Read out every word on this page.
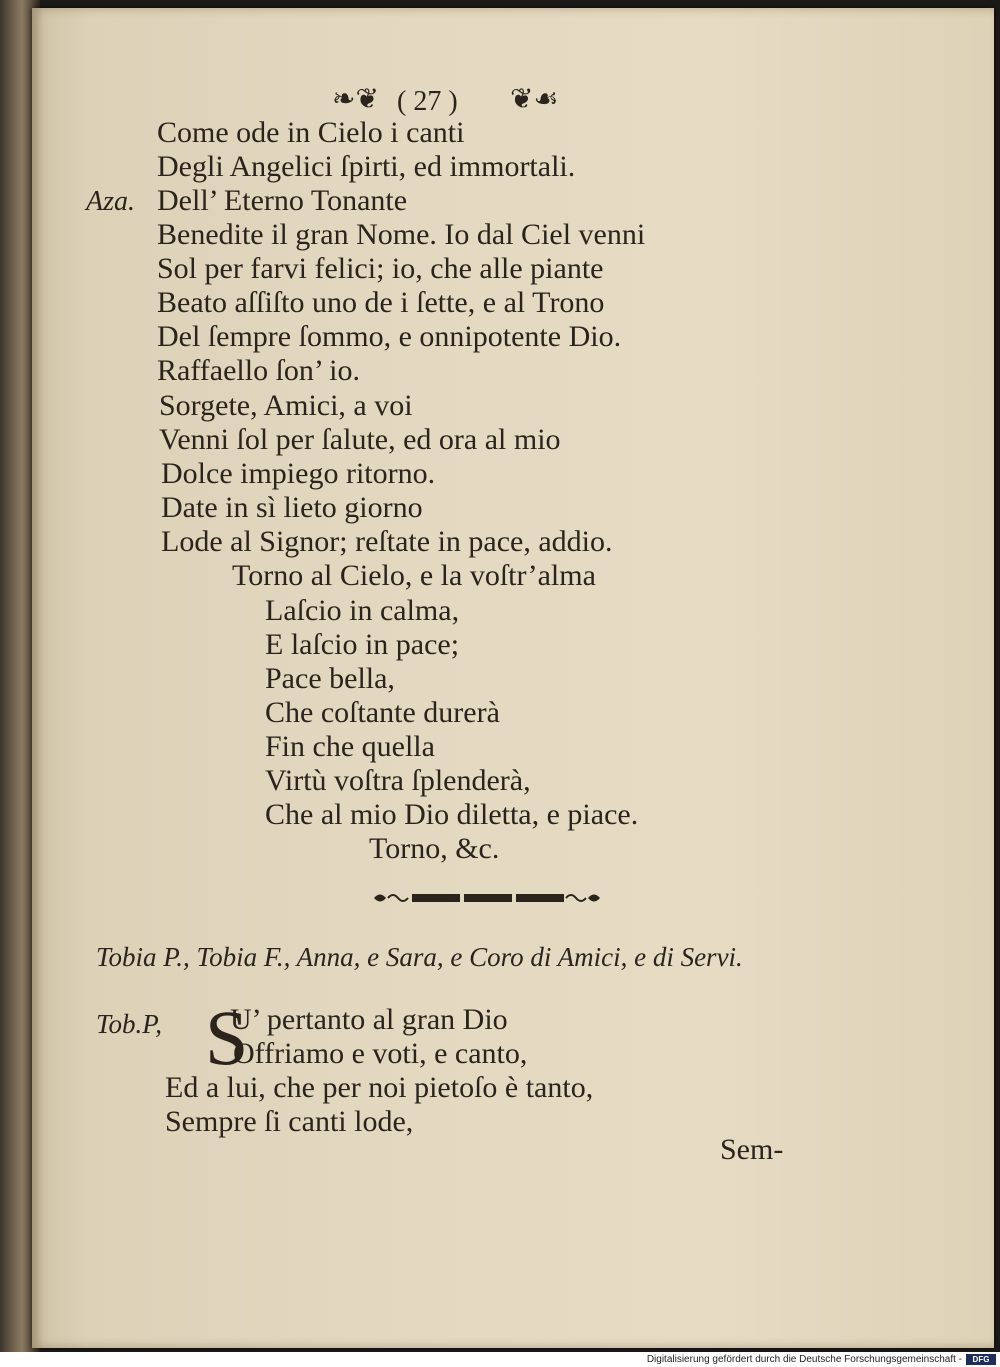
❧❦ ( 27 ) ❦☙
Come ode in Cielo i canti
Degli Angelici ſpirti, ed immortali.
Aza. Dell’ Eterno Tonante
Benedite il gran Nome. Io dal Ciel venni
Sol per farvi felici; io, che alle piante
Beato aſſiſto uno de i ſette, e al Trono
Del ſempre ſommo, e onnipotente Dio.
Raffaello ſon’ io.
Sorgete, Amici, a voi
Venni ſol per ſalute, ed ora al mio
Dolce impiego ritorno.
Date in sì lieto giorno
Lode al Signor; reſtate in pace, addio.
Torno al Cielo, e la voſtr’alma
Laſcio in calma,
E laſcio in pace;
Pace bella,
Che coſtante durerà
Fin che quella
Virtù voſtra ſplenderà,
Che al mio Dio diletta, e piace.
Torno, &c.
Tobia P., Tobia F., Anna, e Sara, e Coro di Amici, e di Servi.
Tob.P, S
U’ pertanto al gran Dio
Offriamo e voti, e canto,
Ed a lui, che per noi pietoſo è tanto,
Sempre ſi canti lode,
Sem-
Digitalisierung gefördert durch die Deutsche Forschungsgemeinschaft -	DFG
